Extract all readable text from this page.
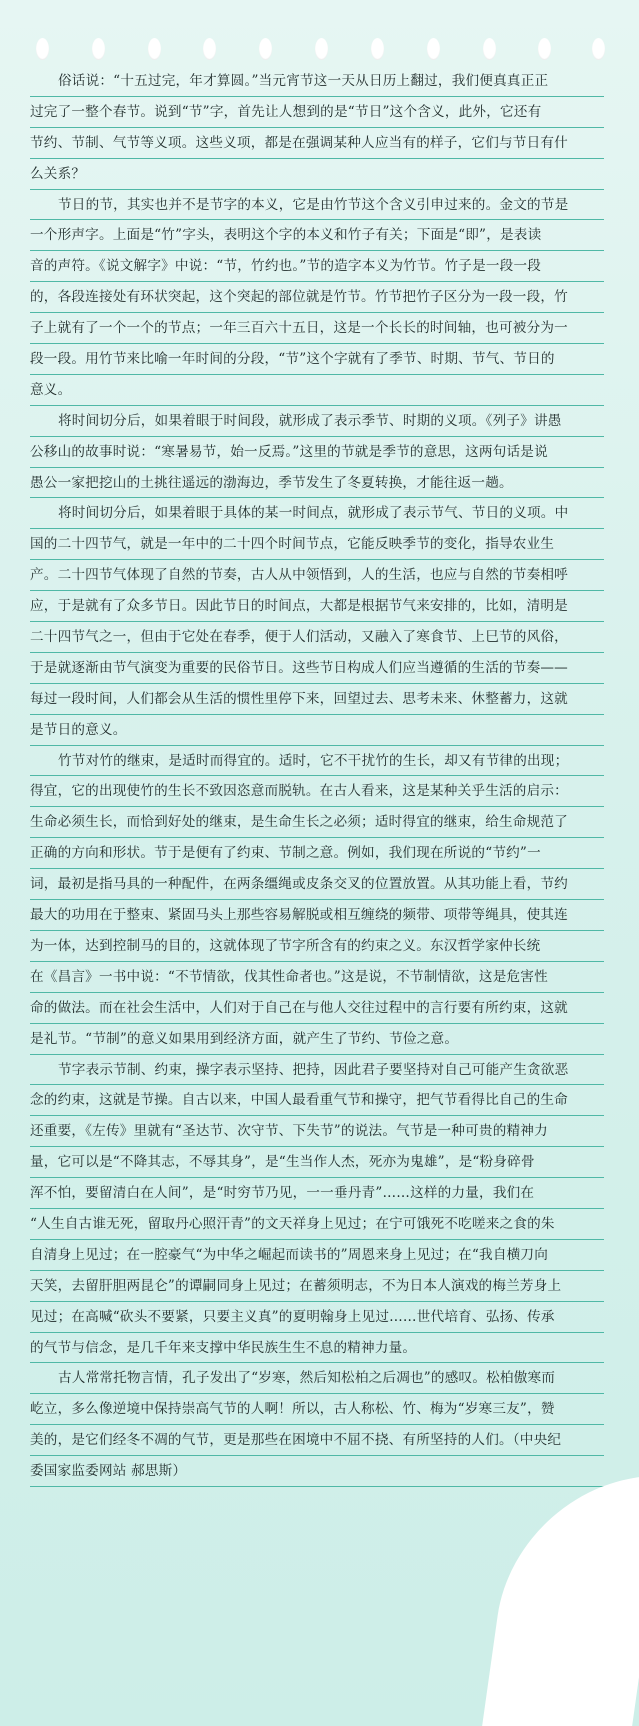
俗话说：“十五过完，年才算圆。”当元宵节这一天从日历上翻过，我们便真真正正
过完了一整个春节。说到“节”字，首先让人想到的是“节日”这个含义，此外，它还有
节约、节制、气节等义项。这些义项，都是在强调某种人应当有的样子，它们与节日有什
么关系？
节日的节，其实也并不是节字的本义，它是由竹节这个含义引申过来的。金文的节是
一个形声字。上面是“竹”字头，表明这个字的本义和竹子有关；下面是“即”，是表读
音的声符。《说文解字》中说：“节，竹约也。”节的造字本义为竹节。竹子是一段一段
的，各段连接处有环状突起，这个突起的部位就是竹节。竹节把竹子区分为一段一段，竹
子上就有了一个一个的节点；一年三百六十五日，这是一个长长的时间轴，也可被分为一
段一段。用竹节来比喻一年时间的分段，“节”这个字就有了季节、时期、节气、节日的
意义。
将时间切分后，如果着眼于时间段，就形成了表示季节、时期的义项。《列子》讲愚
公移山的故事时说：“寒暑易节，始一反焉。”这里的节就是季节的意思，这两句话是说
愚公一家把挖山的土挑往遥远的渤海边，季节发生了冬夏转换，才能往返一趟。
将时间切分后，如果着眼于具体的某一时间点，就形成了表示节气、节日的义项。中
国的二十四节气，就是一年中的二十四个时间节点，它能反映季节的变化，指导农业生
产。二十四节气体现了自然的节奏，古人从中领悟到，人的生活，也应与自然的节奏相呼
应，于是就有了众多节日。因此节日的时间点，大都是根据节气来安排的，比如，清明是
二十四节气之一，但由于它处在春季，便于人们活动，又融入了寒食节、上巳节的风俗，
于是就逐渐由节气演变为重要的民俗节日。这些节日构成人们应当遵循的生活的节奏——
每过一段时间，人们都会从生活的惯性里停下来，回望过去、思考未来、休整蓄力，这就
是节日的意义。
竹节对竹的继束，是适时而得宜的。适时，它不干扰竹的生长，却又有节律的出现；
得宜，它的出现使竹的生长不致因恣意而脱轨。在古人看来，这是某种关乎生活的启示：
生命必须生长，而恰到好处的继束，是生命生长之必须；适时得宜的继束，给生命规范了
正确的方向和形状。节于是便有了约束、节制之意。例如，我们现在所说的“节约”一
词，最初是指马具的一种配件，在两条缰绳或皮条交叉的位置放置。从其功能上看，节约
最大的功用在于整束、紧固马头上那些容易解脱或相互缠绕的频带、项带等绳具，使其连
为一体，达到控制马的目的，这就体现了节字所含有的约束之义。东汉哲学家仲长统
在《昌言》一书中说：“不节情欲，伐其性命者也。”这是说，不节制情欲，这是危害性
命的做法。而在社会生活中，人们对于自己在与他人交往过程中的言行要有所约束，这就
是礼节。“节制”的意义如果用到经济方面，就产生了节约、节俭之意。
节字表示节制、约束，操字表示坚持、把持，因此君子要坚持对自己可能产生贪欲恶
念的约束，这就是节操。自古以来，中国人最看重气节和操守，把气节看得比自己的生命
还重要，《左传》里就有“圣达节、次守节、下失节”的说法。气节是一种可贵的精神力
量，它可以是“不降其志，不辱其身”，是“生当作人杰，死亦为鬼雄”，是“粉身碎骨
浑不怕，要留清白在人间”，是“时穷节乃见，一一垂丹青”……这样的力量，我们在
“人生自古谁无死，留取丹心照汗青”的文天祥身上见过；在宁可饿死不吃嗟来之食的朱
自清身上见过；在一腔豪气“为中华之崛起而读书的”周恩来身上见过；在“我自横刀向
天笑，去留肝胆两昆仑”的谭嗣同身上见过；在蓄须明志，不为日本人演戏的梅兰芳身上
见过；在高喊“砍头不要紧，只要主义真”的夏明翰身上见过……世代培育、弘扬、传承
的气节与信念，是几千年来支撑中华民族生生不息的精神力量。
古人常常托物言情，孔子发出了“岁寒，然后知松柏之后凋也”的感叹。松柏傲寒而
屹立，多么像逆境中保持崇高气节的人啊！所以，古人称松、竹、梅为“岁寒三友”，赞
美的，是它们经冬不凋的气节，更是那些在困境中不屈不挠、有所坚持的人们。（中央纪
委国家监委网站 郝思斯）
